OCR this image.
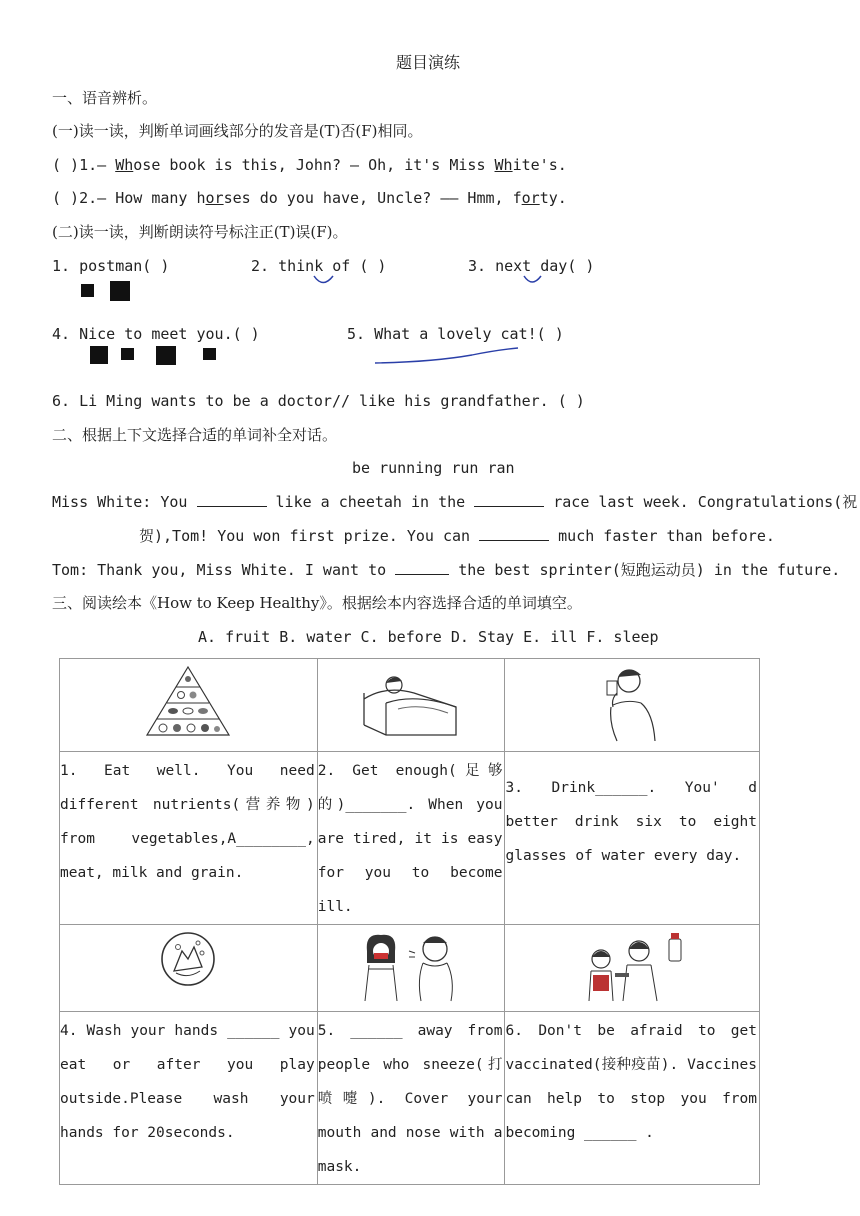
题目演练
一、语音辨析。
(一)读一读，判断单词画线部分的发音是(T)否(F)相同。
( )1.— Whose book is this, John? — Oh, it's Miss White's.
( )2.— How many horses do you have, Uncle? —— Hmm, forty.
(二)读一读，判断朗读符号标注正(T)误(F)。
1. postman( )	2. think of ( )	3. next day( )
4. Nice to meet you.( )	5. What a lovely cat!( )
6. Li Ming wants to be a doctor// like his grandfather. ( )
二、根据上下文选择合适的单词补全对话。
be running run ran
Miss White: You	like a cheetah in the	race last week. Congratulations(祝
贺),Tom! You won first prize. You can	much faster than before.
Tom: Thank you, Miss White. I want to	the best sprinter(短跑运动员) in the future.
三、阅读绘本《How to Keep Healthy》。根据绘本内容选择合适的单词填空。
A. fruit B. water C. before D. Stay E. ill F. sleep

1. Eat well. You need different nutrients(营养物) from vegetables,A________, meat, milk and grain.	2. Get enough(足够的)_______. When you are tired, it is easy for you to become ill.	3. Drink______. You' d better drink six to eight glasses of water every day.

4. Wash your hands ______ you eat or after you play outside.Please wash your hands for 20seconds.	5. ______ away from people who sneeze(打喷嚏). Cover your mouth and nose with a mask.	6. Don't be afraid to get vaccinated(接种疫苗). Vaccines can help to stop you from becoming ______ .
